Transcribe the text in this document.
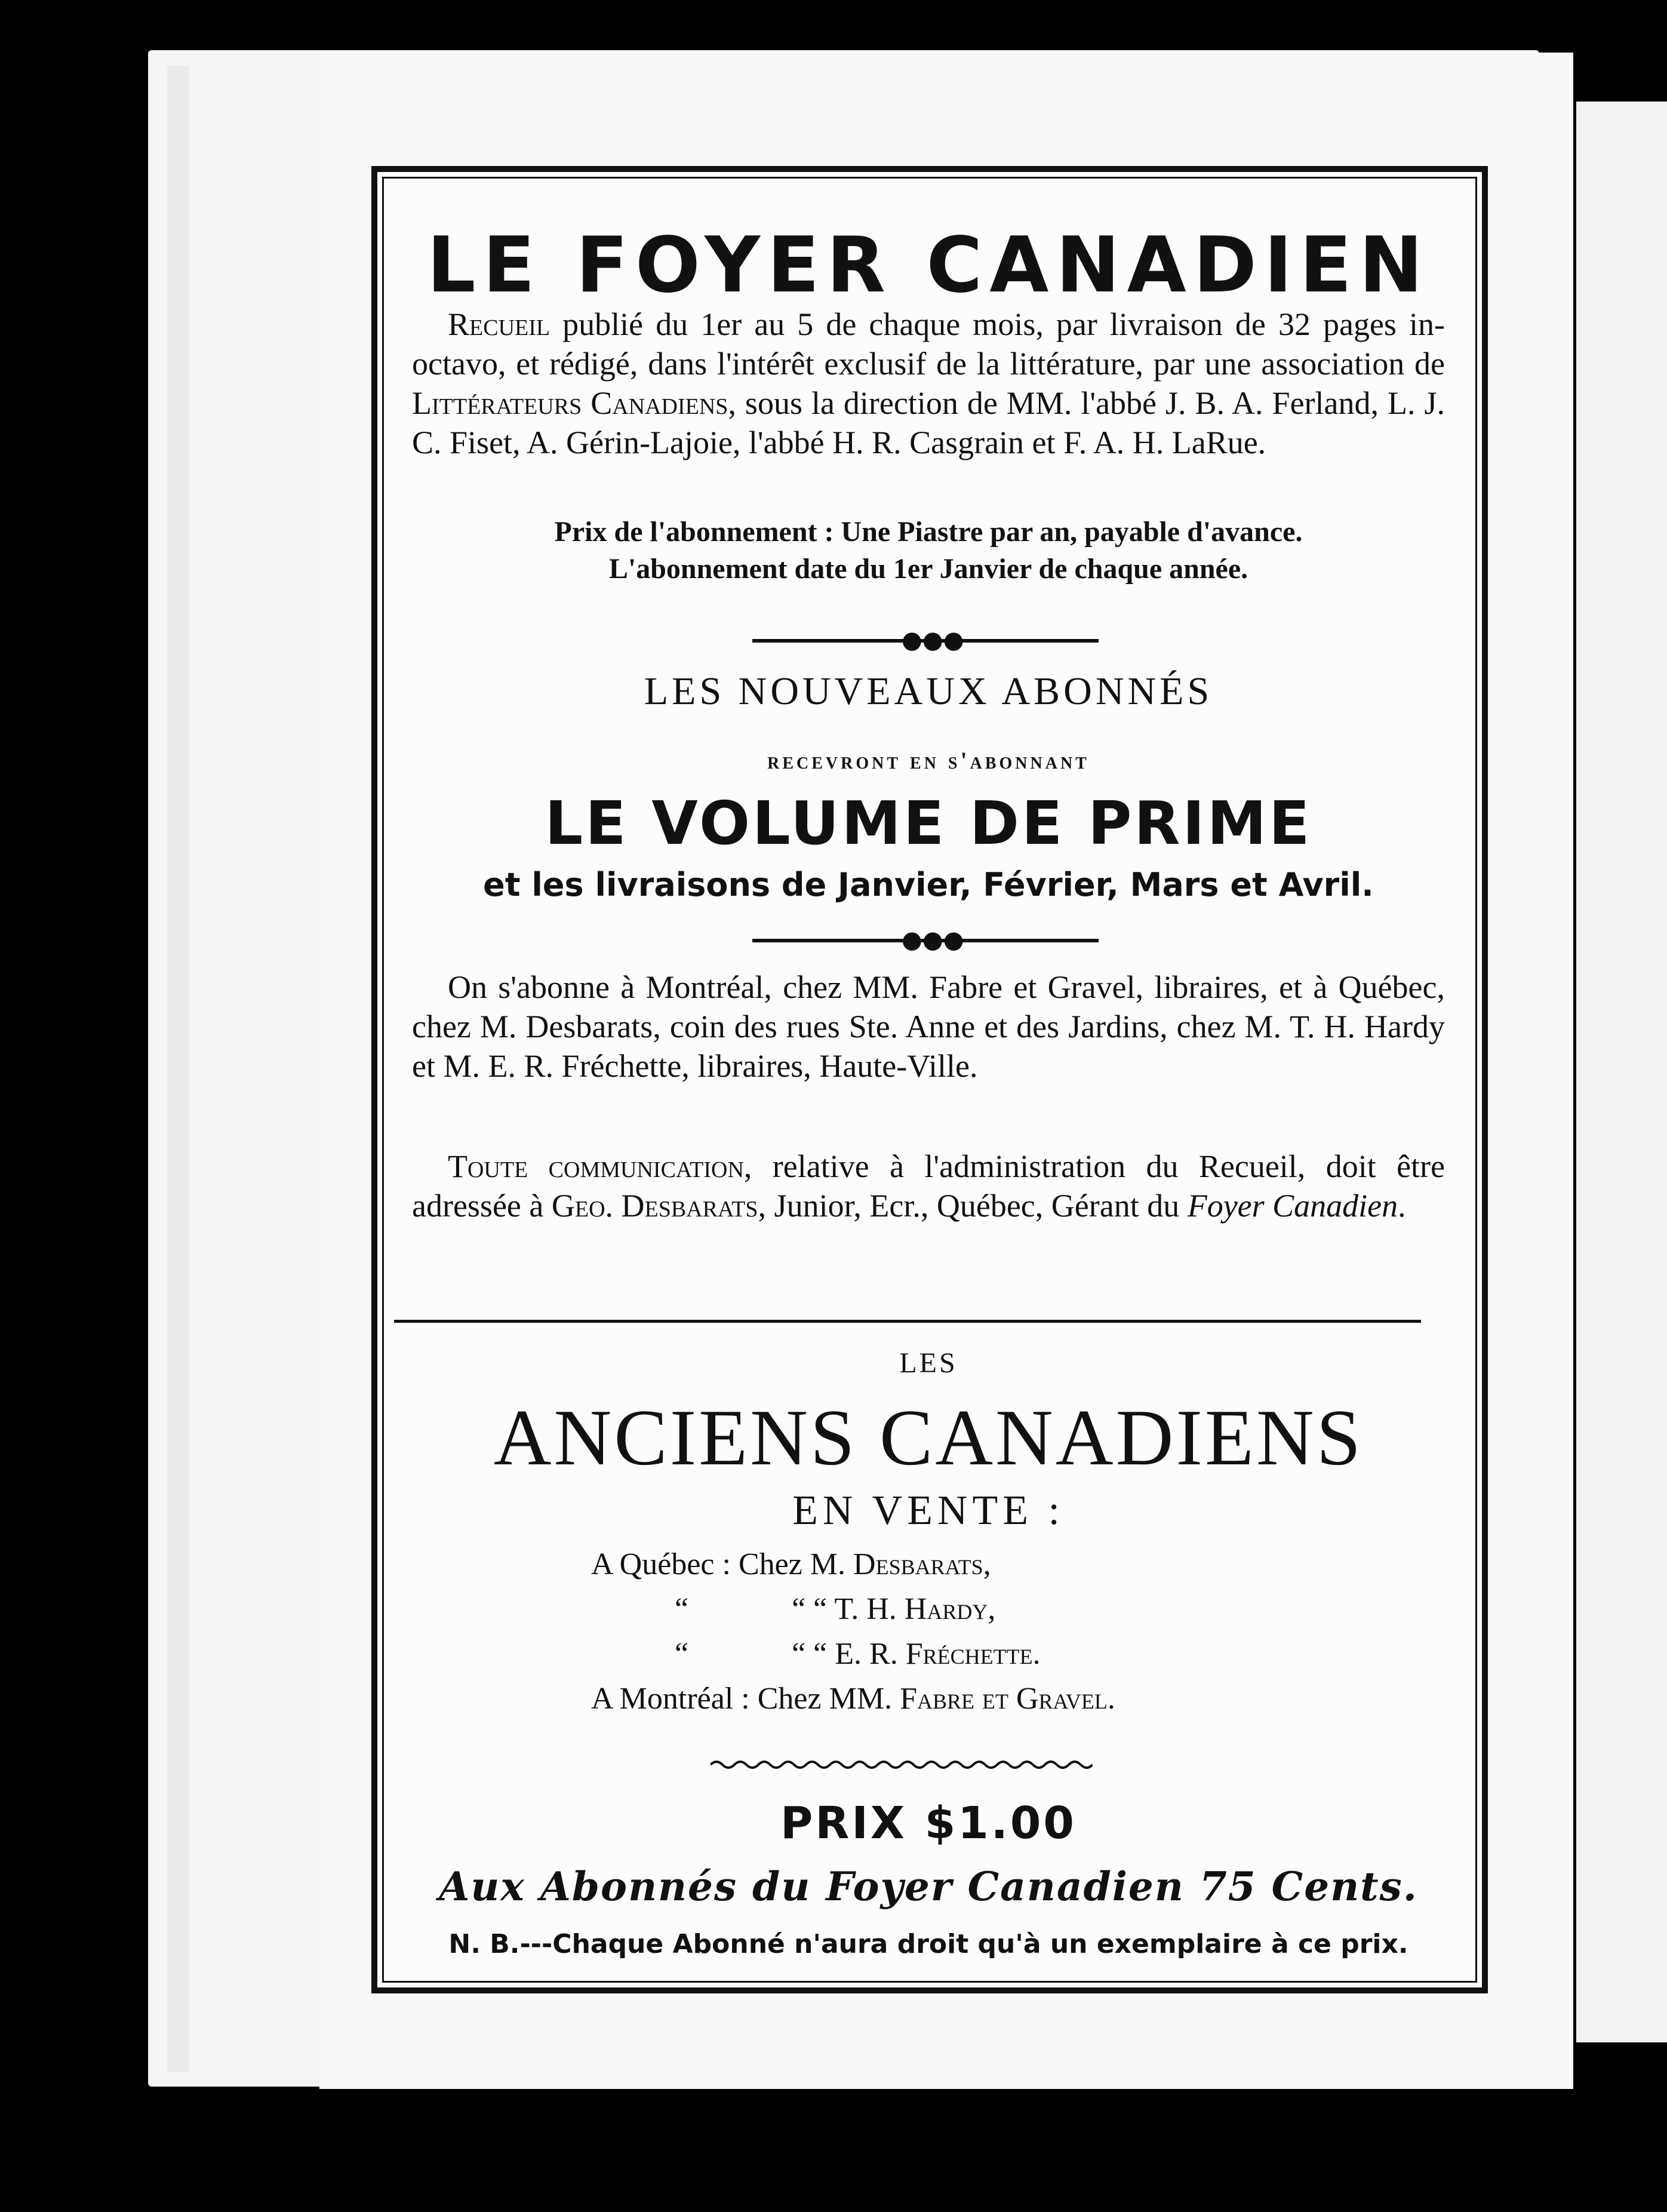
LE FOYER CANADIEN

Recueil publié du 1er au 5 de chaque mois, par livraison de 32 pages in-octavo, et rédigé, dans l'intérêt exclusif de la littérature, par une association de Littérateurs Canadiens, sous la direction de MM. l'abbé J. B. A. Ferland, L. J. C. Fiset, A. Gérin-Lajoie, l'abbé H. R. Casgrain et F. A. H. LaRue.

Prix de l'abonnement : Une Piastre par an, payable d'avance.
L'abonnement date du 1er Janvier de chaque année.
●●●
LES NOUVEAUX ABONNÉS
recevront en s'abonnant
LE VOLUME DE PRIME
et les livraisons de Janvier, Février, Mars et Avril.
●●●

On s'abonne à Montréal, chez MM. Fabre et Gravel, libraires, et à Québec, chez M. Desbarats, coin des rues Ste. Anne et des Jardins, chez M. T. H. Hardy et M. E. R. Fréchette, libraires, Haute-Ville.

Toute communication, relative à l'administration du Recueil, doit être adressée à Geo. Desbarats, Junior, Ecr., Québec, Gérant du Foyer Canadien.

LES
ANCIENS CANADIENS
EN VENTE :
A Québec : Chez M. Desbarats,
“	“ “ T. H. Hardy,
“	“ “ E. R. Fréchette.
A Montréal : Chez MM. Fabre et Gravel.
PRIX $1.00
Aux Abonnés du Foyer Canadien 75 Cents.
N. B.---Chaque Abonné n'aura droit qu'à un exemplaire à ce prix.
